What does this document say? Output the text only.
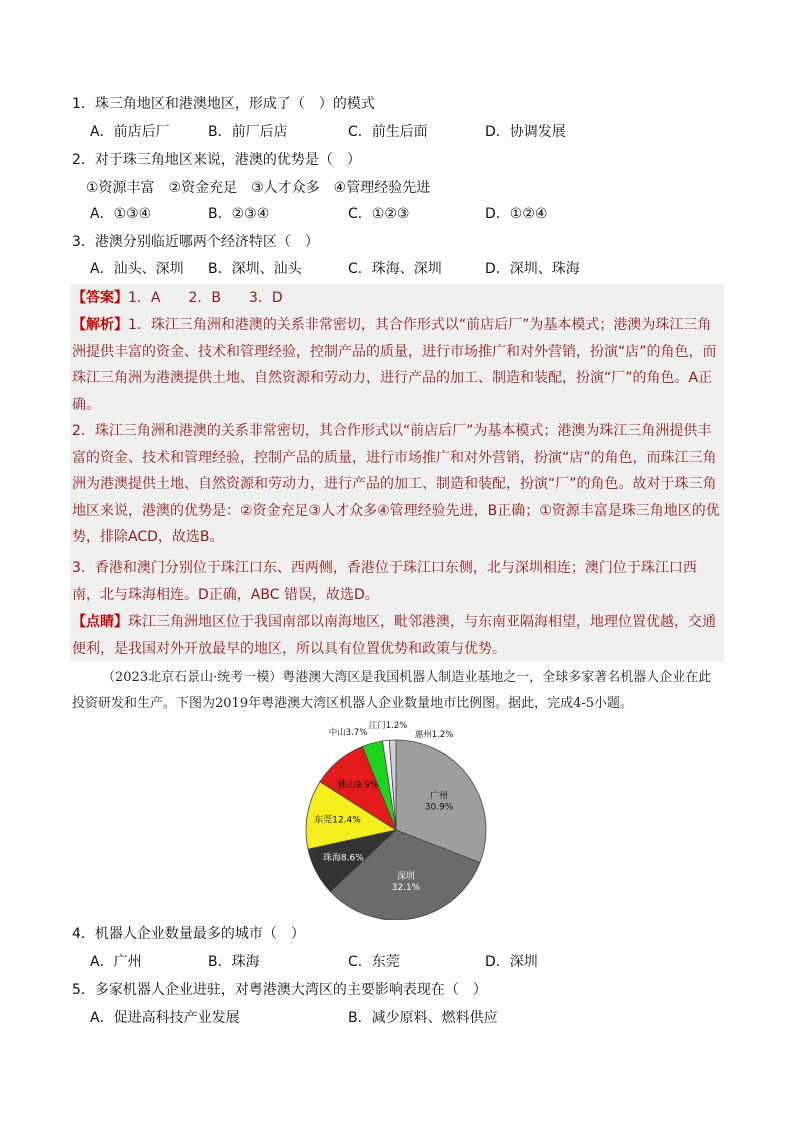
1．珠三角地区和港澳地区，形成了（　）的模式
A．前店后厂	B．前厂后店	C．前生后面	D．协调发展
2．对于珠三角地区来说，港澳的优势是（　）
①资源丰富　②资金充足　③人才众多　④管理经验先进
A．①③④	B．②③④	C．①②③	D．①②④
3．港澳分别临近哪两个经济特区（　）
A．汕头、深圳 B．深圳、汕头	C．珠海、深圳	D．深圳、珠海
【答案】1．A　　2．B　　3．D
【解析】1．珠江三角洲和港澳的关系非常密切，其合作形式以“前店后厂”为基本模式；港澳为珠江三角洲提供丰富的资金、技术和管理经验，控制产品的质量，进行市场推广和对外营销，扮演“店”的角色，而珠江三角洲为港澳提供土地、自然资源和劳动力，进行产品的加工、制造和装配，扮演“厂”的角色。A正确。
2．珠江三角洲和港澳的关系非常密切，其合作形式以“前店后厂”为基本模式；港澳为珠江三角洲提供丰富的资金、技术和管理经验，控制产品的质量，进行市场推广和对外营销，扮演“店”的角色，而珠江三角洲为港澳提供土地、自然资源和劳动力，进行产品的加工、制造和装配，扮演“厂”的角色。故对于珠三角地区来说，港澳的优势是：②资金充足③人才众多④管理经验先进，B正确；①资源丰富是珠三角地区的优势，排除ACD，故选B。
3．香港和澳门分别位于珠江口东、西两侧，香港位于珠江口东侧，北与深圳相连；澳门位于珠江口西南，北与珠海相连。D正确，ABC 错误，故选D。
【点睛】珠江三角洲地区位于我国南部以南海地区，毗邻港澳，与东南亚隔海相望，地理位置优越，交通便利，是我国对外开放最早的地区，所以具有位置优势和政策与优势。
（2023北京石景山·统考一模）粤港澳大湾区是我国机器人制造业基地之一，全球多家著名机器人企业在此投资研发和生产。下图为2019年粤港澳大湾区机器人企业数量地市比例图。据此，完成4-5小题。
广州
30.9%
深圳
32.1%
珠海8.6%
东莞12.4%
佛山9.9%
中山3.7%
江门1.2%
惠州1.2%
4．机器人企业数量最多的城市（　）
A．广州	B．珠海	C．东莞	D．深圳
5．多家机器人企业进驻，对粤港澳大湾区的主要影响表现在（　）
A．促进高科技产业发展	B．减少原料、燃料供应
